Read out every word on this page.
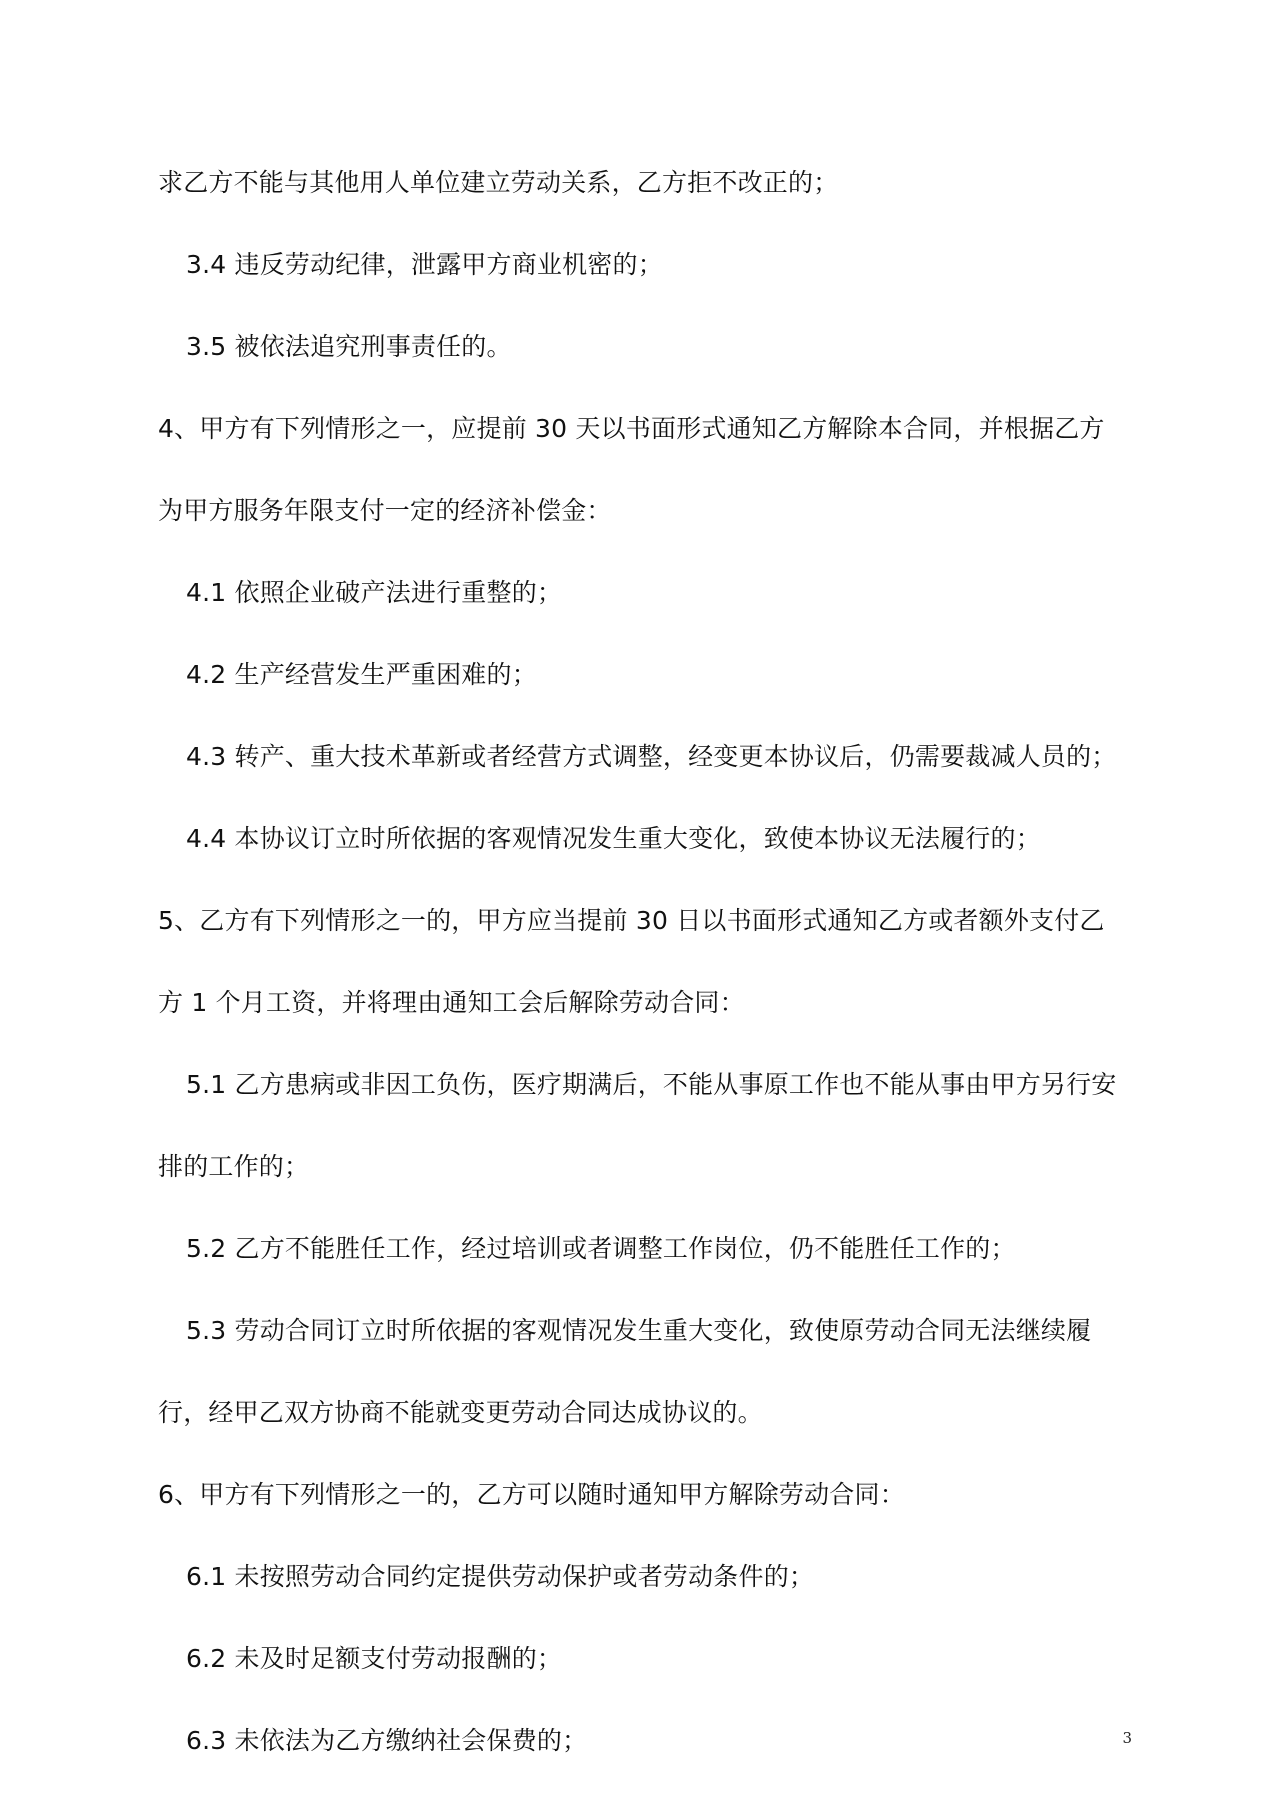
求乙方不能与其他用人单位建立劳动关系，乙方拒不改正的；
3.4 违反劳动纪律，泄露甲方商业机密的；
3.5 被依法追究刑事责任的。
4、甲方有下列情形之一，应提前 30 天以书面形式通知乙方解除本合同，并根据乙方
为甲方服务年限支付一定的经济补偿金：
4.1 依照企业破产法进行重整的；
4.2 生产经营发生严重困难的；
4.3 转产、重大技术革新或者经营方式调整，经变更本协议后，仍需要裁减人员的；
4.4 本协议订立时所依据的客观情况发生重大变化，致使本协议无法履行的；
5、乙方有下列情形之一的，甲方应当提前 30 日以书面形式通知乙方或者额外支付乙
方 1 个月工资，并将理由通知工会后解除劳动合同：
5.1 乙方患病或非因工负伤，医疗期满后，不能从事原工作也不能从事由甲方另行安
排的工作的；
5.2 乙方不能胜任工作，经过培训或者调整工作岗位，仍不能胜任工作的；
5.3 劳动合同订立时所依据的客观情况发生重大变化，致使原劳动合同无法继续履
行，经甲乙双方协商不能就变更劳动合同达成协议的。
6、甲方有下列情形之一的，乙方可以随时通知甲方解除劳动合同：
6.1 未按照劳动合同约定提供劳动保护或者劳动条件的；
6.2 未及时足额支付劳动报酬的；
6.3 未依法为乙方缴纳社会保费的；	3
